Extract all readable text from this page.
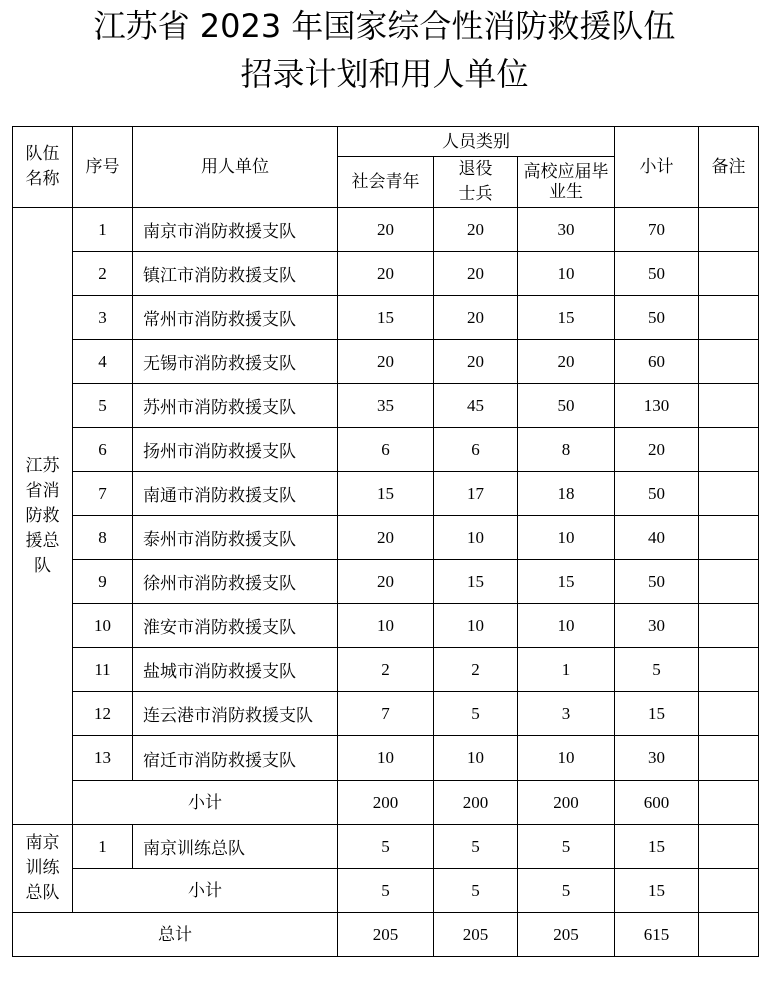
江苏省 2023 年国家综合性消防救援队伍
招录计划和用人单位
队伍名称	序号	用人单位	人员类别			小计	备注
			社会青年	退役士兵	高校应届毕业生		
江苏省消防救援总队	1	南京市消防救援支队	20	20	30	70	
	2	镇江市消防救援支队	20	20	10	50	
	3	常州市消防救援支队	15	20	15	50	
	4	无锡市消防救援支队	20	20	20	60	
	5	苏州市消防救援支队	35	45	50	130	
	6	扬州市消防救援支队	6	6	8	20	
	7	南通市消防救援支队	15	17	18	50	
	8	泰州市消防救援支队	20	10	10	40	
	9	徐州市消防救援支队	20	15	15	50	
	10	淮安市消防救援支队	10	10	10	30	
	11	盐城市消防救援支队	2	2	1	5	
	12	连云港市消防救援支队	7	5	3	15	
	13	宿迁市消防救援支队	10	10	10	30	
	小计		200	200	200	600	
南京训练总队	1	南京训练总队	5	5	5	15	
	小计		5	5	5	15	
总计			205	205	205	615	
